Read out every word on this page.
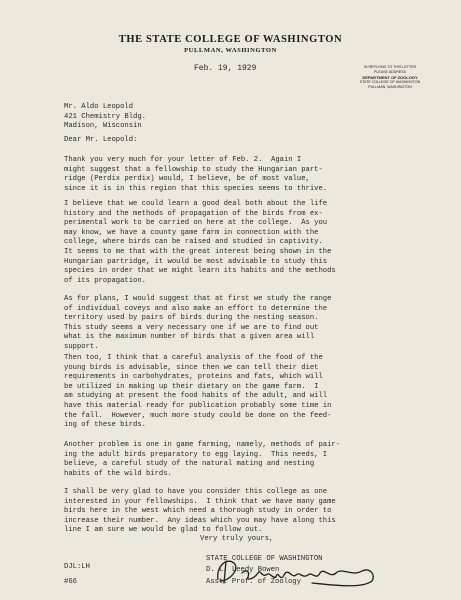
THE STATE COLLEGE OF WASHINGTON
PULLMAN, WASHINGTON
IN REPLYING TO THIS LETTER
PLEASE ADDRESS
DEPARTMENT OF ZOOLOGY
STATE COLLEGE OF WASHINGTON
PULLMAN, WASHINGTON
Feb. 19, 1929
Mr. Aldo Leopold
421 Chemistry Bldg.
Madison, Wisconsin
Dear Mr. Leopold:
Thank you very much for your letter of Feb. 2.  Again I
might suggest that a fellowship to study the Hungarian part-
ridge (Perdix perdix) would, I believe, be of most value,
since it is in this region that this species seems to thrive.
I believe that we could learn a good deal both about the life
history and the methods of propagation of the birds from ex-
perimental work to be carried on here at the college.  As you
may know, we have a county game farm in connection with the
college, where birds can be raised and studied in captivity.
It seems to me that with the great interest being shown in the
Hungarian partridge, it would be most advisable to study this
species in order that we might learn its habits and the methods
of its propagation.
As for plans, I would suggest that at first we study the range
of individual coveys and also make an effort to determine the
territory used by pairs of birds during the nesting season.
This study seems a very necessary one if we are to find out
what is the maximum number of birds that a given area will
support.
Then too, I think that a careful analysis of the food of the
young birds is advisable, since then we can tell their diet
requirements in carbohydrates, proteins and fats, which will
be utilized in making up their dietary on the game farm.  I
am studying at present the food habits of the adult, and will
have this material ready for publication probably some time in
the fall.  However, much more study could be done on the feed-
ing of these birds.
Another problem is one in game farming, namely, methods of pair-
ing the adult birds preparatory to egg laying.  This needs, I
believe, a careful study of the natural mating and nesting
habits of the wild birds.
I shall be very glad to have you consider this college as one
interested in your fellowships.  I think that we have many game
birds here in the west which need a thorough study in order to
increase their number.  Any ideas which you may have along this
line I am sure we would be glad to follow out.
Very truly yours,
STATE COLLEGE OF WASHINGTON
D. L. Leedy Bowen
Asst. Prof. of Zoology
DJL:LH
#66
